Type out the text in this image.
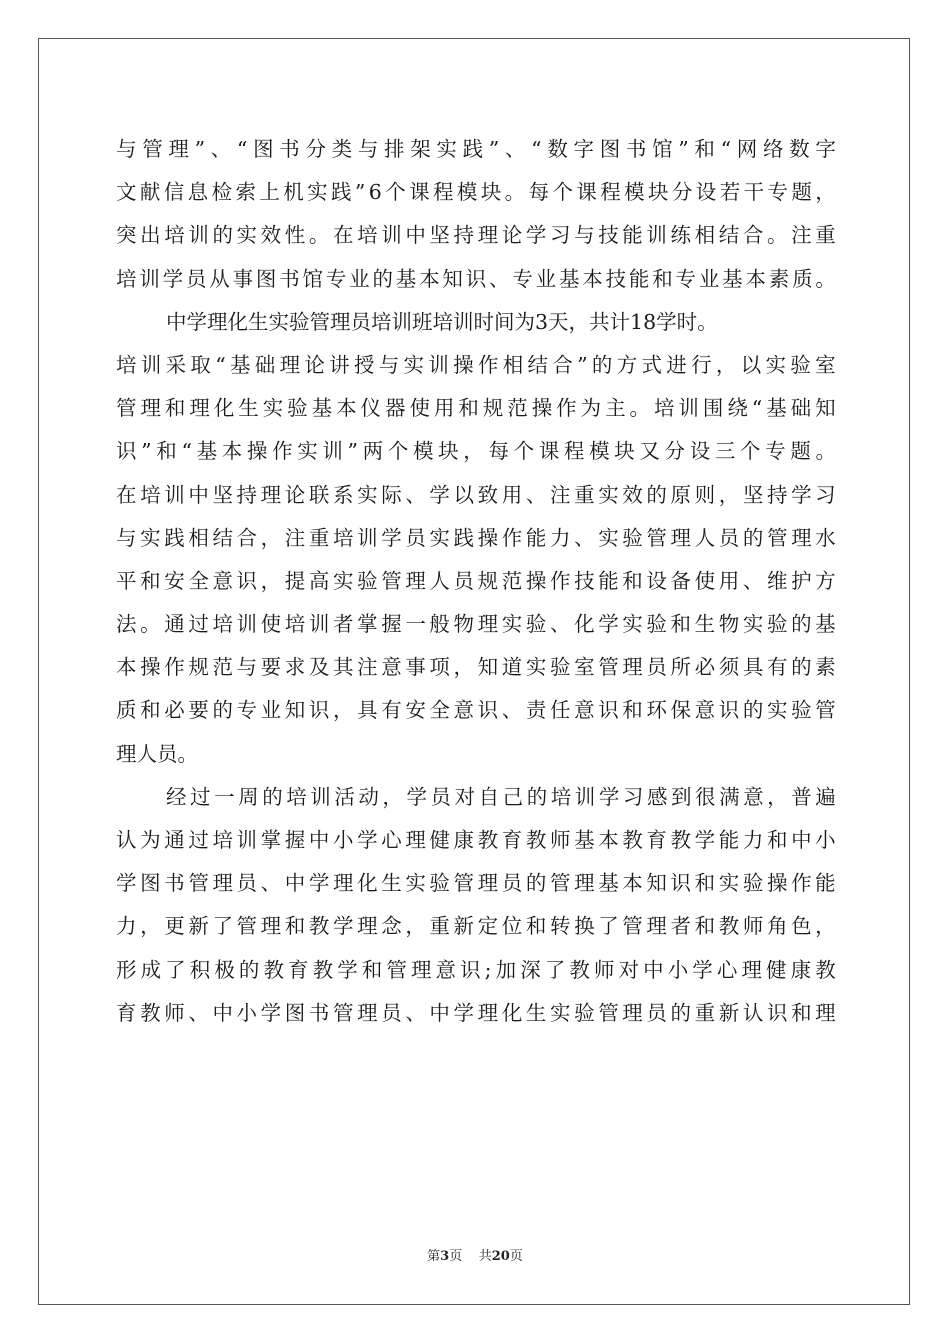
与 管 理 ” 、 “ 图 书 分 类 与 排 架 实 践 ” 、 “ 数 字 图 书 馆 ” 和 “ 网 络 数 字
文 献 信 息 检 索 上 机 实 践 ” 6 个 课 程 模 块 。 每 个 课 程 模 块 分 设 若 干 专 题 ，
突 出 培 训 的 实 效 性 。 在 培 训 中 坚 持 理 论 学 习 与 技 能 训 练 相 结 合 。 注 重
培 训 学 员 从 事 图 书 馆 专 业 的 基 本 知 识 、 专 业 基 本 技 能 和 专 业 基 本 素 质 。
中学理化生实验管理员培训班培训时间为3天，共计18学时。
培 训 采 取 “ 基 础 理 论 讲 授 与 实 训 操 作 相 结 合 ” 的 方 式 进 行 ， 以 实 验 室
管 理 和 理 化 生 实 验 基 本 仪 器 使 用 和 规 范 操 作 为 主 。 培 训 围 绕 “ 基 础 知
识 ” 和 “ 基 本 操 作 实 训 ” 两 个 模 块 ， 每 个 课 程 模 块 又 分 设 三 个 专 题 。
在 培 训 中 坚 持 理 论 联 系 实 际 、 学 以 致 用 、 注 重 实 效 的 原 则 ， 坚 持 学 习
与 实 践 相 结 合 ， 注 重 培 训 学 员 实 践 操 作 能 力 、 实 验 管 理 人 员 的 管 理 水
平 和 安 全 意 识 ， 提 高 实 验 管 理 人 员 规 范 操 作 技 能 和 设 备 使 用 、 维 护 方
法 。 通 过 培 训 使 培 训 者 掌 握 一 般 物 理 实 验 、 化 学 实 验 和 生 物 实 验 的 基
本 操 作 规 范 与 要 求 及 其 注 意 事 项 ， 知 道 实 验 室 管 理 员 所 必 须 具 有 的 素
质 和 必 要 的 专 业 知 识 ， 具 有 安 全 意 识 、 责 任 意 识 和 环 保 意 识 的 实 验 管
理人员。
经 过 一 周 的 培 训 活 动 ， 学 员 对 自 己 的 培 训 学 习 感 到 很 满 意 ， 普 遍
认 为 通 过 培 训 掌 握 中 小 学 心 理 健 康 教 育 教 师 基 本 教 育 教 学 能 力 和 中 小
学 图 书 管 理 员 、 中 学 理 化 生 实 验 管 理 员 的 管 理 基 本 知 识 和 实 验 操 作 能
力 ， 更 新 了 管 理 和 教 学 理 念 ， 重 新 定 位 和 转 换 了 管 理 者 和 教 师 角 色 ，
形 成 了 积 极 的 教 育 教 学 和 管 理 意 识 ; 加 深 了 教 师 对 中 小 学 心 理 健 康 教
育 教 师 、 中 小 学 图 书 管 理 员 、 中 学 理 化 生 实 验 管 理 员 的 重 新 认 识 和 理
第3页 共20页
